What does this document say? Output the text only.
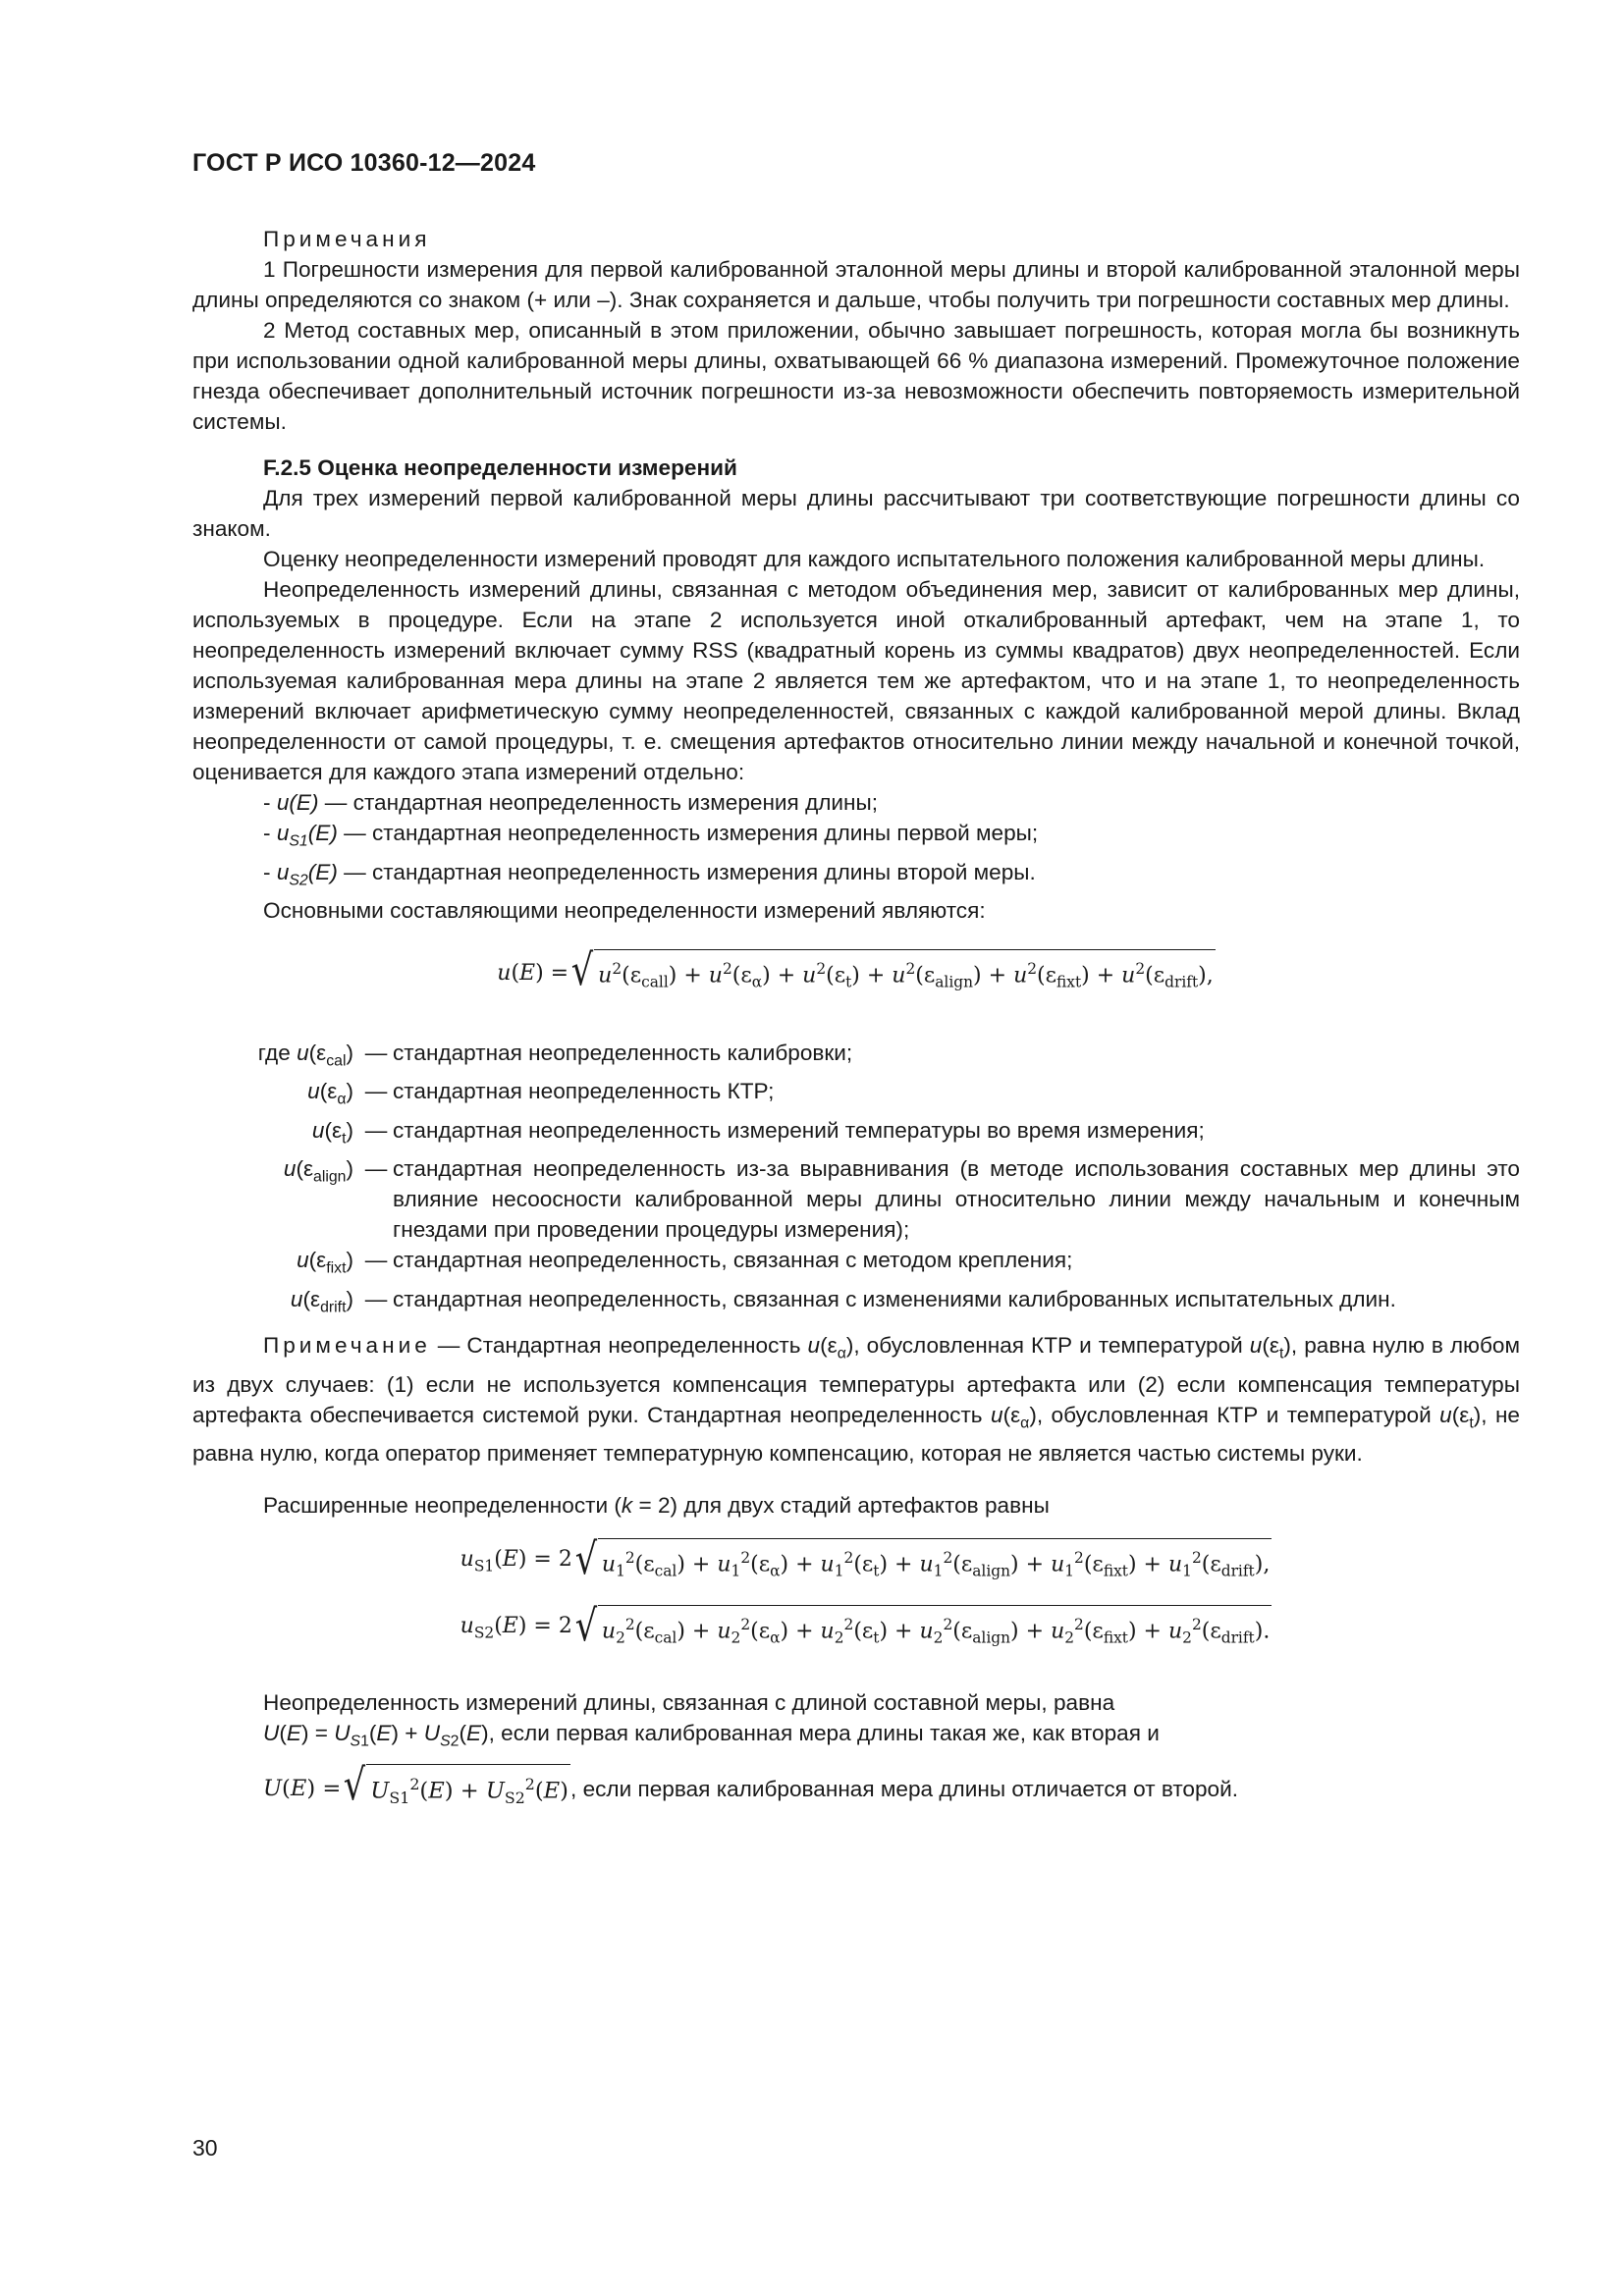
ГОСТ Р ИСО 10360-12—2024

Примечания

1 Погрешности измерения для первой калиброванной эталонной меры длины и второй калиброванной эталонной меры длины определяются со знаком (+ или –). Знак сохраняется и дальше, чтобы получить три погрешности составных мер длины.

2 Метод составных мер, описанный в этом приложении, обычно завышает погрешность, которая могла бы возникнуть при использовании одной калиброванной меры длины, охватывающей 66 % диапазона измерений. Промежуточное положение гнезда обеспечивает дополнительный источник погрешности из-за невозможности обеспечить повторяемость измерительной системы.

F.2.5 Оценка неопределенности измерений

Для трех измерений первой калиброванной меры длины рассчитывают три соответствующие погрешности длины со знаком.

Оценку неопределенности измерений проводят для каждого испытательного положения калиброванной меры длины.

Неопределенность измерений длины, связанная с методом объединения мер, зависит от калиброванных мер длины, используемых в процедуре. Если на этапе 2 используется иной откалиброванный артефакт, чем на этапе 1, то неопределенность измерений включает сумму RSS (квадратный корень из суммы квадратов) двух неопределенностей. Если используемая калиброванная мера длины на этапе 2 является тем же артефактом, что и на этапе 1, то неопределенность измерений включает арифметическую сумму неопределенностей, связанных с каждой калиброванной мерой длины. Вклад неопределенности от самой процедуры, т. е. смещения артефактов относительно линии между начальной и конечной точкой, оценивается для каждого этапа измерений отдельно:

- u(E) — стандартная неопределенность измерения длины;

- $u_{S1}(E)$ — стандартная неопределенность измерения длины первой меры;

- $u_{S2}(E)$ — стандартная неопределенность измерения длины второй меры.

Основными составляющими неопределенности измерений являются:

u(E) = √ $u^2(\varepsilon_{call}) + u^2(\varepsilon_\alpha) + u^2(\varepsilon_t) + u^2(\varepsilon_{align}) + u^2(\varepsilon_{fixt}) + u^2(\varepsilon_{drift})$,
где $u(\varepsilon_{cal})$ — стандартная неопределенность калибровки;
$u(\varepsilon_\alpha)$ — стандартная неопределенность КТР;
$u(\varepsilon_t)$ — стандартная неопределенность измерений температуры во время измерения;
$u(\varepsilon_{align})$ — стандартная неопределенность из-за выравнивания (в методе использования составных мер длины это влияние несоосности калиброванной меры длины относительно линии между начальным и конечным гнездами при проведении процедуры измерения);
$u(\varepsilon_{fixt})$ — стандартная неопределенность, связанная с методом крепления;
$u(\varepsilon_{drift})$ — стандартная неопределенность, связанная с изменениями калиброванных испытательных длин.

Примечание — Стандартная неопределенность $u(\varepsilon_\alpha)$, обусловленная КТР и температурой $u(\varepsilon_t)$, равна нулю в любом из двух случаев: (1) если не используется компенсация температуры артефакта или (2) если компенсация температуры артефакта обеспечивается системой руки. Стандартная неопределенность $u(\varepsilon_\alpha)$, обусловленная КТР и температурой $u(\varepsilon_t)$, не равна нулю, когда оператор применяет температурную компенсацию, которая не является частью системы руки.

Расширенные неопределенности (k = 2) для двух стадий артефактов равны

$u_{S1}(E) = 2$ √ $u_1^2(\varepsilon_{cal}) + u_1^2(\varepsilon_\alpha) + u_1^2(\varepsilon_t) + u_1^2(\varepsilon_{align}) + u_1^2(\varepsilon_{fixt}) + u_1^2(\varepsilon_{drift})$,
$u_{S2}(E) = 2$ √ $u_2^2(\varepsilon_{cal}) + u_2^2(\varepsilon_\alpha) + u_2^2(\varepsilon_t) + u_2^2(\varepsilon_{align}) + u_2^2(\varepsilon_{fixt}) + u_2^2(\varepsilon_{drift})$.

Неопределенность измерений длины, связанная с длиной составной меры, равна

$U(E) = U_{S1}(E) + U_{S2}(E)$, если первая калиброванная мера длины такая же, как вторая и

U(E) = √ $U_{S1}^2(E) + U_{S2}^2(E)$ , если первая калиброванная мера длины отличается от второй.

30
